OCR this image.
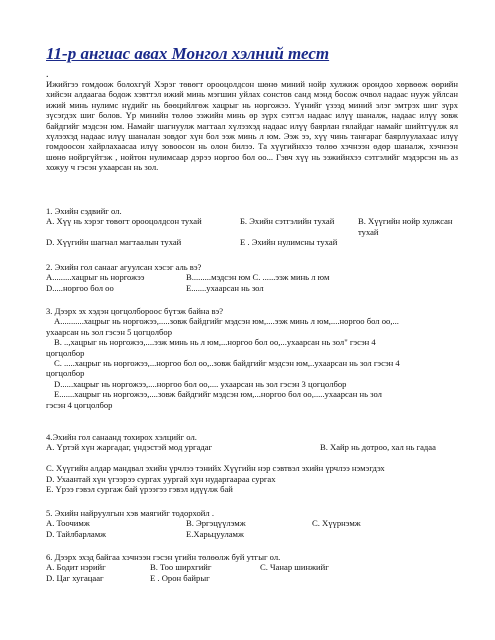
11-р ангиас авах Монгол хэлний тест
.
Ижийгээ гомдоож болохгүй Хэрэг төвөгт орооцолдсон шөнө миний нойр хулжиж орондоо хөрвөөж өөрийн хийсэн алдаагаа бодож хэвттэл ижий минь мэгшин уйлах сонстов санд мэнд босож очвол надаас нууж уйлсан ижий минь нулимс нүдийг нь бөөцийлгөж хацрыг нь норгожээ. Үүнийг үзээд миний элэг эмтрэх шиг зүрх зүсэгдэх шиг болов. Үр минийн төлөө ээжийн минь өр зүрх сэтгэл надаас илүү шаналж, надаас илүү зовж байдгийг мэдсэн юм. Намайг шагнуулж магтаал хүлээхэд надаас илүү баярлан гялайдаг намайг шийтгүүлж ял хүлээхэд надаас илүү шаналан зовдог хүн бол ээж минь л юм. Ээж ээ, хүү чинь тангараг баярлуулахаас илүү гомдоосон хайрлахаасаа илүү зовоосон нь олон билээ. Та хүүгийнхээ төлөө хэчнээн өдөр шаналж, хэчнээн шөнө нойргүйтэж , нойтон нулимсаар дэрээ норгоо бол оо... Гэвч хүү нь ээжийнхээ сэтгэлийг мэдэрсэн нь аз хожуу ч гэсэн ухаарсан нь зол.
1. Эхийн сэдвийг ол.
A. Хүү нь хэрэг төвөгт орооцолдсон тухай	Б. Эхийн сэтгэлийн тухай	В. Хүүгийн нойр хулжсан тухай
D. Хүүгийн шагнал магтаалын тухай	Е . Эхийн нулимсны тухай
2. Эхийн гол санааг агуулсан хэсэг аль вэ?
A.........хацрыг нь норгожээ	В.........мэдсэн юм С. ......ээж минь л юм
D.....норгоо бол оо	E.......ухаарсан нь зол
3. Дээрх эх хэдэн цогцолбороос бүтэж байна вэ?
A...........хацрыг нь норгожээ,.....зовж байдгийг мэдсэн юм,....ээж минь л юм,....норгоо бол оо,...
ухаарсан нь зол гэсэн 5 цогцолбор
B. ..,хацрыг нь норгожээ,....ээж минь нь л юм,...норгоо бол оо,...ухаарсан нь зол" гэсэн 4
цогцолбор
C. .....хацрыг нь норгожээ,...норгоо бол оо,..зовж байдгийг мэдсэн юм,..ухаарсан нь зол гэсэн 4
цогцолбор
D......хацрыг нь норгожээ,....норгоо бол оо,.... ухаарсан нь зол гэсэн 3 цогцолбор
E.......хацрыг нь норгожээ,....зовж байдгийг мэдсэн юм,...норгоо бол оо,.....ухаарсан нь зол
гэсэн 4 цогцолбор
4.Эхийн гол санаанд тохирох хэлцийг ол.
A. Үртэй хүн жаргадаг, үндэстэй мод ургадаг	B. Хайр нь дотроо, хал нь гадаа
C. Хүүгийн алдар мандвал эхийн үрчлээ тэнийх Хүүгийн нэр сэвтвэл эхийн үрчлээ нэмэгдэх
D. Ухаантай хүн үгээрээ сургах уургай хүн нударгаараа сургах
E. Үрээ гэвэл сургаж бай үрээгээ гэвэл идүүлж бай
5. Эхийн найруулгын хэв маягийг тодорхойл .
А. Тоочимж	В. Эргэцүүлэмж	С. Хүүрнэмж
D. Тайлбарламж	Е.Харьцууламж
6. Дээрх эхэд байгаа хэчнээн гэсэн үгийн төлөөлж буй утгыг ол.
A. Бодит нэрийг	B. Тоо ширхгийг	С. Чанар шинжийг
D. Цаг хугацааг	Е . Орон байрыг
